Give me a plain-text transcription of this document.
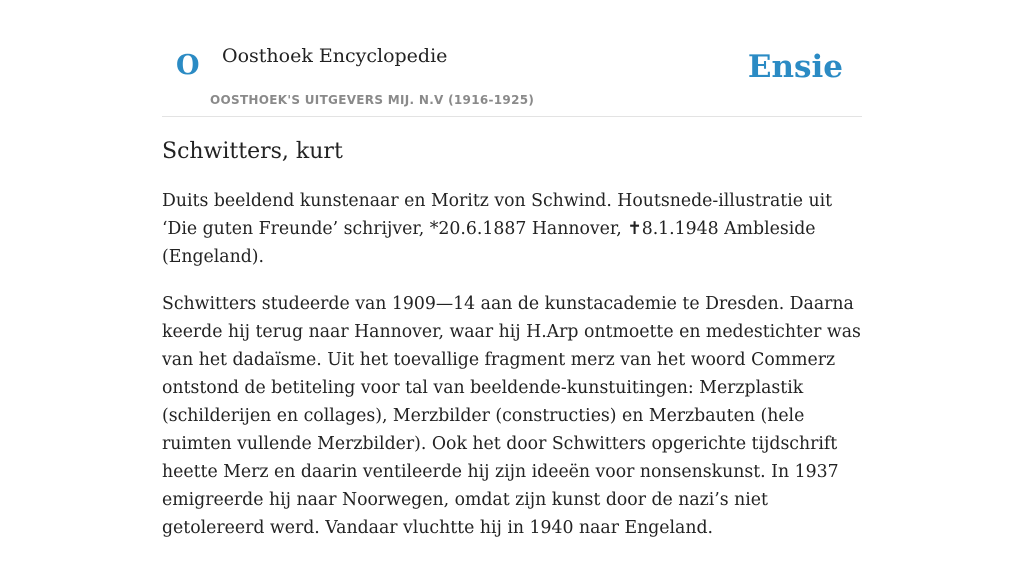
O Oosthoek Encyclopedie
OOSTHOEK'S UITGEVERS MIJ. N.V (1916-1925)
Ensie
Schwitters, kurt

Duits beeldend kunstenaar en Moritz von Schwind. Houtsnede-illustratie uit ‘Die guten Freunde’ schrijver, *20.6.1887 Hannover, ✝8.1.1948 Ambleside (Engeland).

Schwitters studeerde van 1909—14 aan de kunstacademie te Dresden. Daarna keerde hij terug naar Hannover, waar hij H.Arp ontmoette en medestichter was van het dadaïsme. Uit het toevallige fragment merz van het woord Commerz ontstond de betiteling voor tal van beeldende-kunstuitingen: Merzplastik (schilderijen en collages), Merzbilder (constructies) en Merzbauten (hele ruimten vullende Merzbilder). Ook het door Schwitters opgerichte tijdschrift heette Merz en daarin ventileerde hij zijn ideeën voor nonsenskunst. In 1937 emigreerde hij naar Noorwegen, omdat zijn kunst door de nazi’s niet getolereerd werd. Vandaar vluchtte hij in 1940 naar Engeland.
